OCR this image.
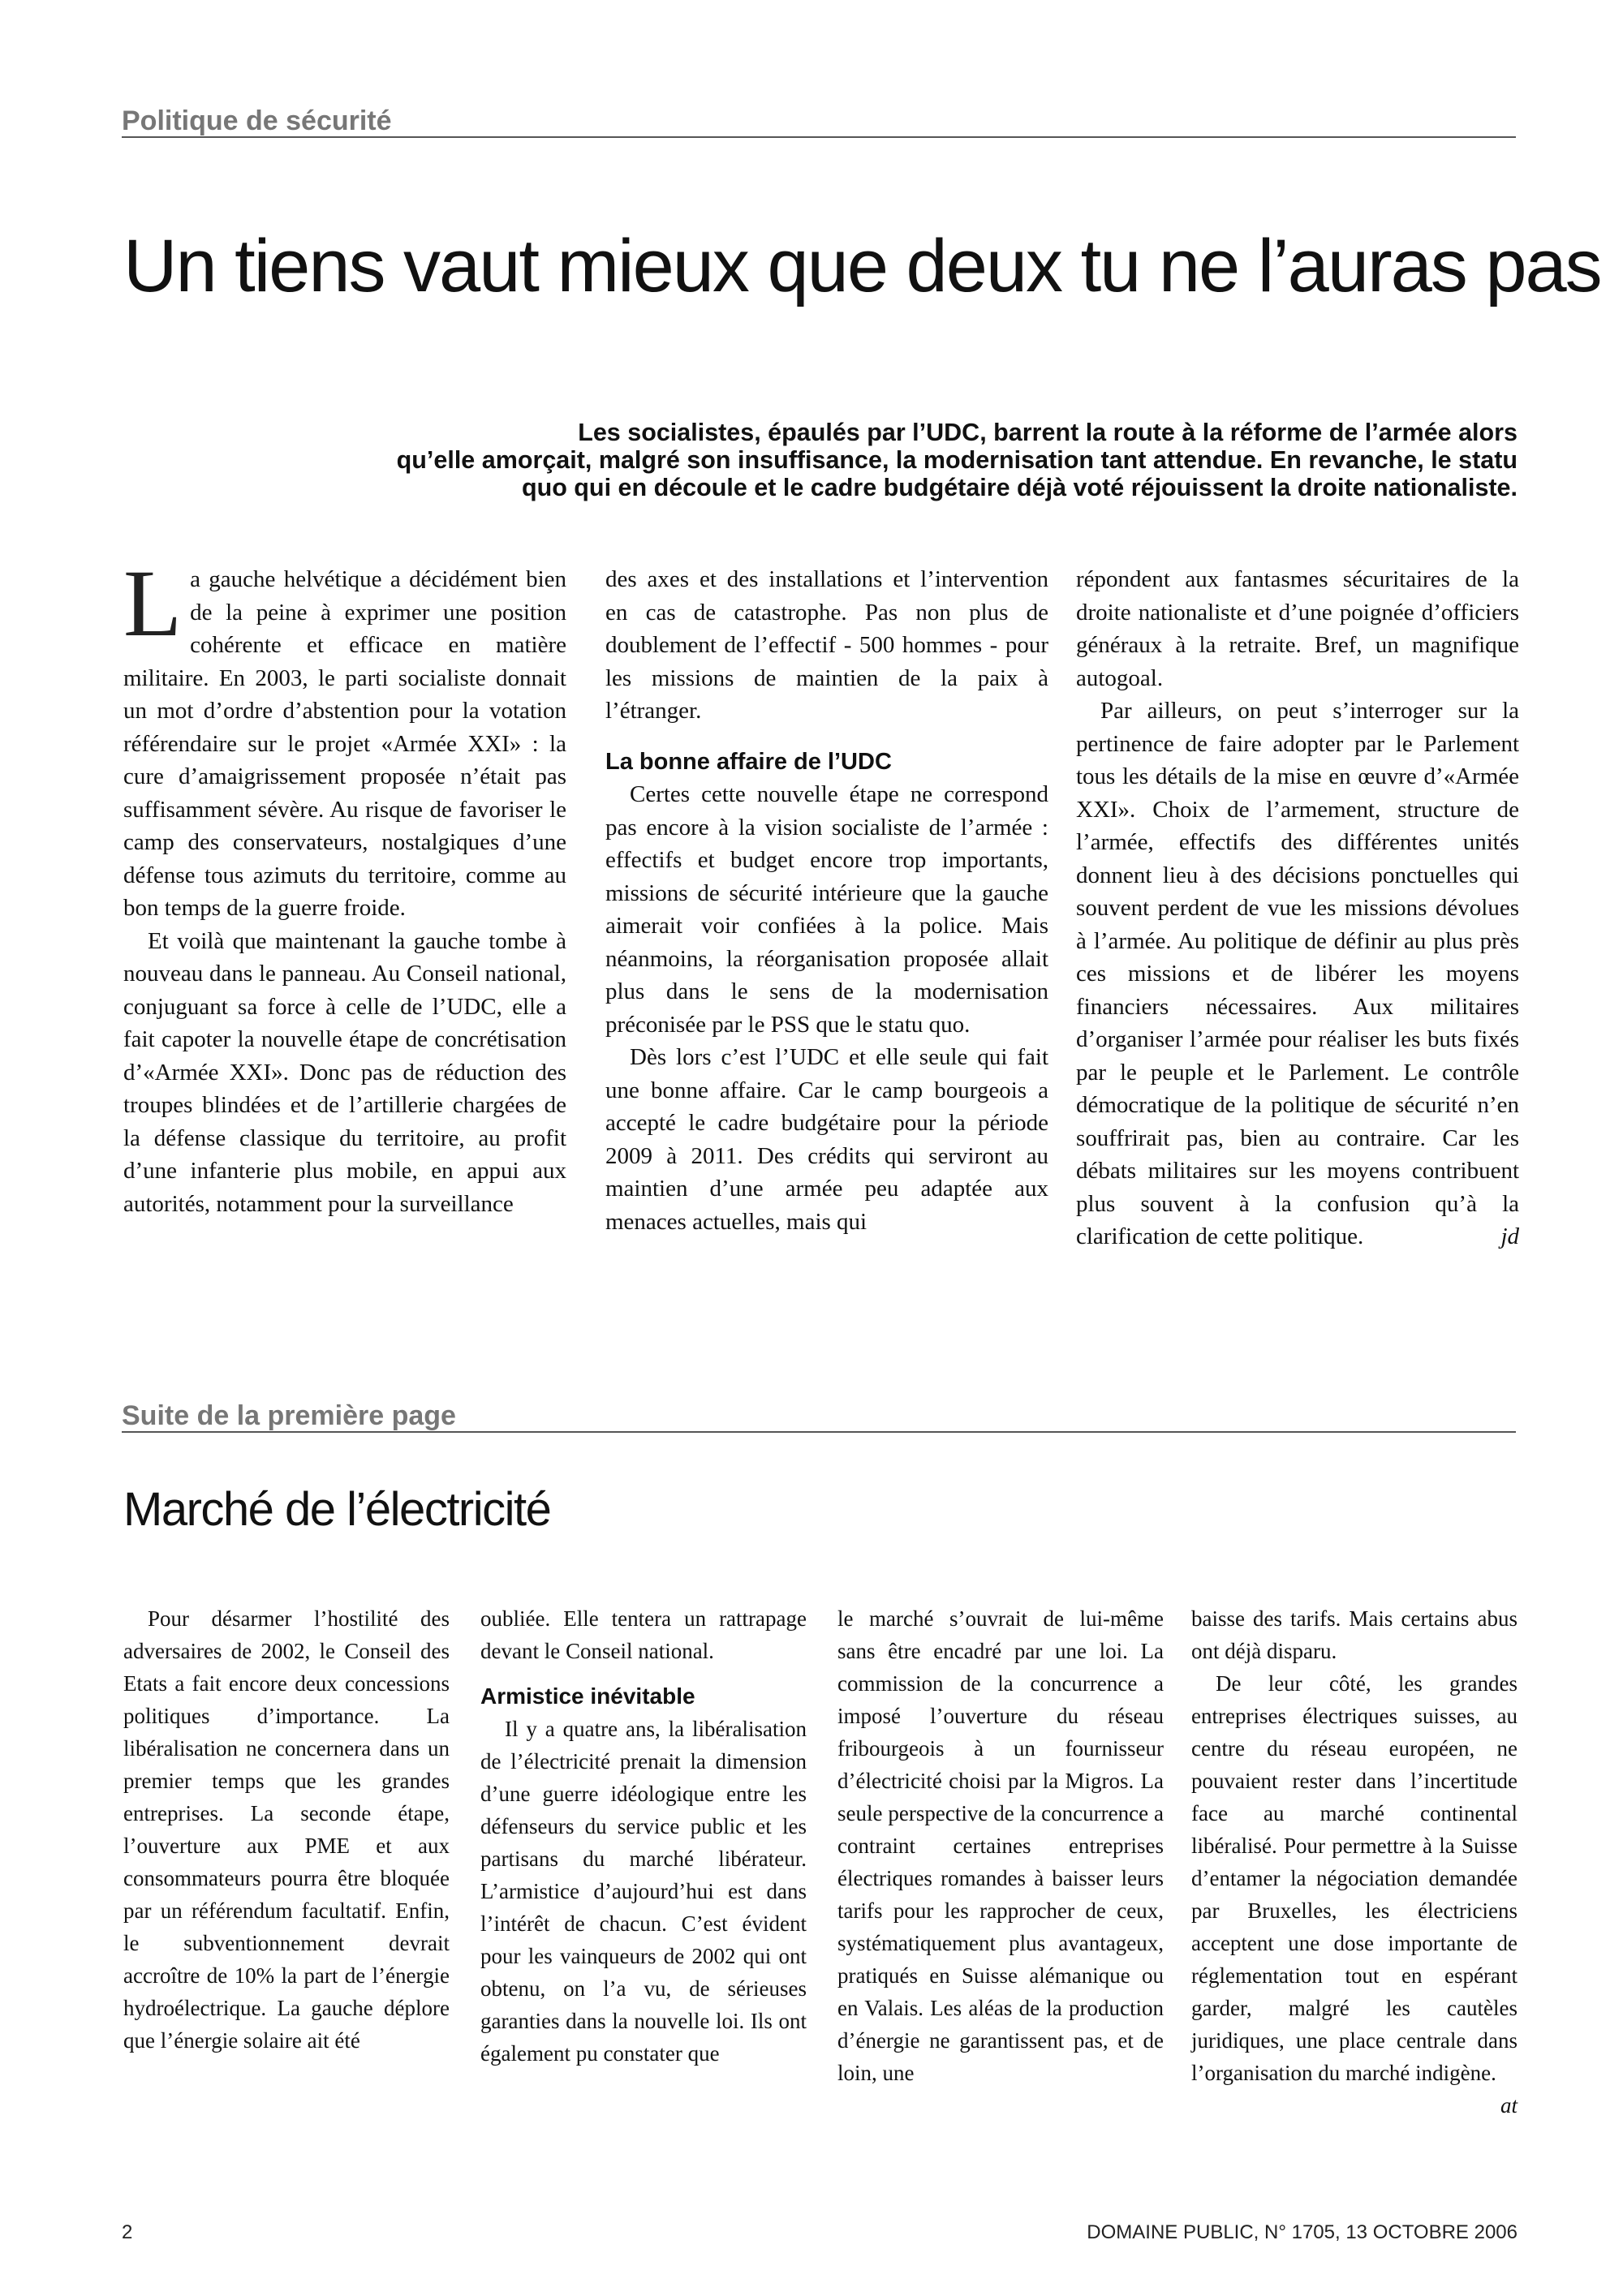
Politique de sécurité
Un tiens vaut mieux que deux tu ne l’auras pas
Les socialistes, épaulés par l’UDC, barrent la route à la réforme de l’armée alors
qu’elle amorçait, malgré son insuffisance, la modernisation tant attendue. En revanche, le statu
quo qui en découle et le cadre budgétaire déjà voté réjouissent la droite nationaliste.

La gauche helvétique a décidément bien de la peine à exprimer une position cohérente et efficace en matière militaire. En 2003, le parti socialiste donnait un mot d’ordre d’abstention pour la votation référendaire sur le projet «Armée XXI» : la cure d’amaigrissement proposée n’était pas suffisamment sévère. Au risque de favoriser le camp des conservateurs, nostalgiques d’une défense tous azimuts du territoire, comme au bon temps de la guerre froide.

Et voilà que maintenant la gauche tombe à nouveau dans le panneau. Au Conseil national, conjuguant sa force à celle de l’UDC, elle a fait capoter la nouvelle étape de concrétisation d’«Armée XXI». Donc pas de réduction des troupes blindées et de l’artillerie chargées de la défense classique du territoire, au profit d’une infanterie plus mobile, en appui aux autorités, notamment pour la surveillance

des axes et des installations et l’intervention en cas de catastrophe. Pas non plus de doublement de l’effectif - 500 hommes - pour les missions de maintien de la paix à l’étranger.

La bonne affaire de l’UDC

Certes cette nouvelle étape ne correspond pas encore à la vision socialiste de l’armée : effectifs et budget encore trop importants, missions de sécurité intérieure que la gauche aimerait voir confiées à la police. Mais néanmoins, la réorganisation proposée allait plus dans le sens de la modernisation préconisée par le PSS que le statu quo.

Dès lors c’est l’UDC et elle seule qui fait une bonne affaire. Car le camp bourgeois a accepté le cadre budgétaire pour la période 2009 à 2011. Des crédits qui serviront au maintien d’une armée peu adaptée aux menaces actuelles, mais qui

répondent aux fantasmes sécuritaires de la droite nationaliste et d’une poignée d’officiers généraux à la retraite. Bref, un magnifique autogoal.

Par ailleurs, on peut s’interroger sur la pertinence de faire adopter par le Parlement tous les détails de la mise en œuvre d’«Armée XXI». Choix de l’armement, structure de l’armée, effectifs des différentes unités donnent lieu à des décisions ponctuelles qui souvent perdent de vue les missions dévolues à l’armée. Au politique de définir au plus près ces missions et de libérer les moyens financiers nécessaires. Aux militaires d’organiser l’armée pour réaliser les buts fixés par le peuple et le Parlement. Le contrôle démocratique de la politique de sécurité n’en souffrirait pas, bien au contraire. Car les débats militaires sur les moyens contribuent plus souvent à la confusion qu’à la clarification de cette politique.	jd

Suite de la première page
Marché de l’électricité

Pour désarmer l’hostilité des adversaires de 2002, le Conseil des Etats a fait encore deux concessions politiques d’importance. La libéralisation ne concernera dans un premier temps que les grandes entreprises. La seconde étape, l’ouverture aux PME et aux consommateurs pourra être bloquée par un référendum facultatif. Enfin, le subventionnement devrait accroître de 10% la part de l’énergie hydroélectrique. La gauche déplore que l’énergie solaire ait été

oubliée. Elle tentera un rattrapage devant le Conseil national.

Armistice inévitable

Il y a quatre ans, la libéralisation de l’électricité prenait la dimension d’une guerre idéologique entre les défenseurs du service public et les partisans du marché libérateur. L’armistice d’aujourd’hui est dans l’intérêt de chacun. C’est évident pour les vainqueurs de 2002 qui ont obtenu, on l’a vu, de sérieuses garanties dans la nouvelle loi. Ils ont également pu constater que

le marché s’ouvrait de lui-même sans être encadré par une loi. La commission de la concurrence a imposé l’ouverture du réseau fribourgeois à un fournisseur d’électricité choisi par la Migros. La seule perspective de la concurrence a contraint certaines entreprises électriques romandes à baisser leurs tarifs pour les rapprocher de ceux, systématiquement plus avantageux, pratiqués en Suisse alémanique ou en Valais. Les aléas de la production d’énergie ne garantissent pas, et de loin, une

baisse des tarifs. Mais certains abus ont déjà disparu.

De leur côté, les grandes entreprises électriques suisses, au centre du réseau européen, ne pouvaient rester dans l’incertitude face au marché continental libéralisé. Pour permettre à la Suisse d’entamer la négociation demandée par Bruxelles, les électriciens acceptent une dose importante de réglementation tout en espérant garder, malgré les cautèles juridiques, une place centrale dans l’organisation du marché indigène.
at

2	DOMAINE PUBLIC, N° 1705, 13 OCTOBRE 2006
